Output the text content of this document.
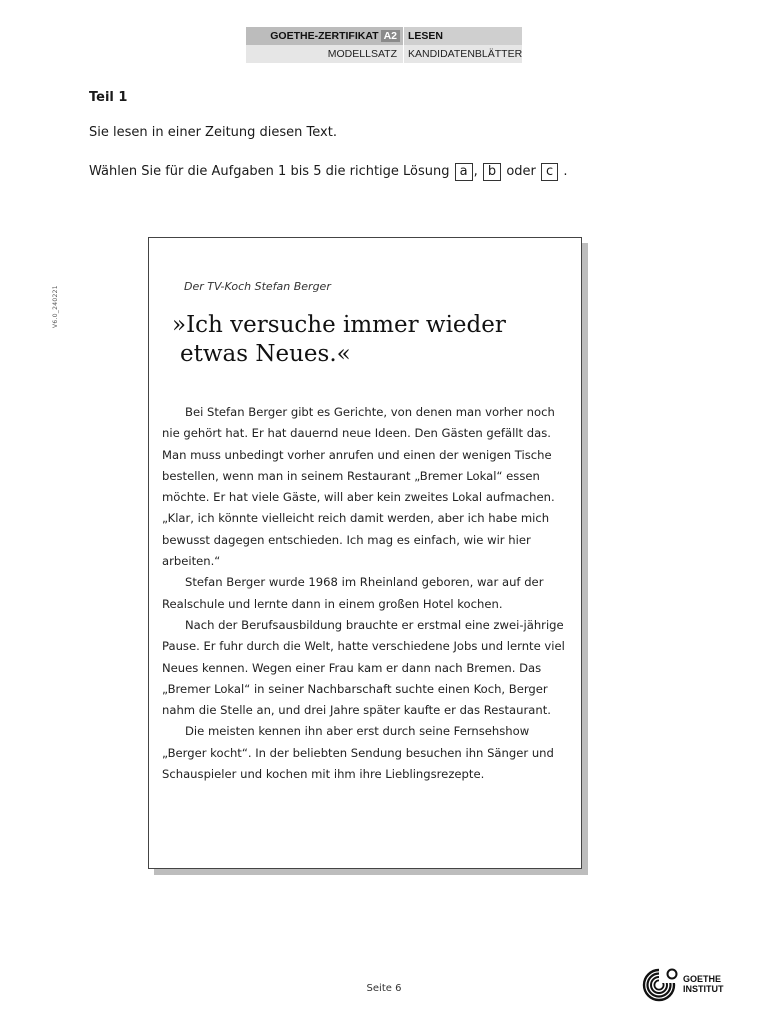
GOETHE-ZERTIFIKAT A2	LESEN
MODELLSATZ	KANDIDATENBLÄTTER
V6.0_240221
Teil 1
Sie lesen in einer Zeitung diesen Text.
Wählen Sie für die Aufgaben 1 bis 5 die richtige Lösung a , b oder c .
Der TV-Koch Stefan Berger
»Ich versuche immer wieder
etwas Neues.«

Bei Stefan Berger gibt es Gerichte, von denen man vorher noch nie gehört hat. Er hat dauernd neue Ideen. Den Gästen gefällt das. Man muss unbedingt vorher anrufen und einen der wenigen Tische bestellen, wenn man in seinem Restaurant „Bremer Lokal“ essen möchte. Er hat viele Gäste, will aber kein zweites Lokal aufmachen. „Klar, ich könnte vielleicht reich damit werden, aber ich habe mich bewusst dagegen entschieden. Ich mag es einfach, wie wir hier arbeiten.“

Stefan Berger wurde 1968 im Rheinland geboren, war auf der Realschule und lernte dann in einem großen Hotel kochen.

Nach der Berufsausbildung brauchte er erstmal eine zwei-jährige Pause. Er fuhr durch die Welt, hatte verschiedene Jobs und lernte viel Neues kennen. Wegen einer Frau kam er dann nach Bremen. Das „Bremer Lokal“ in seiner Nachbarschaft suchte einen Koch, Berger nahm die Stelle an, und drei Jahre später kaufte er das Restaurant.

Die meisten kennen ihn aber erst durch seine Fernsehshow „Berger kocht“. In der beliebten Sendung besuchen ihn Sänger und Schauspieler und kochen mit ihm ihre Lieblingsrezepte.

Seite 6
GOETHE
INSTITUT
